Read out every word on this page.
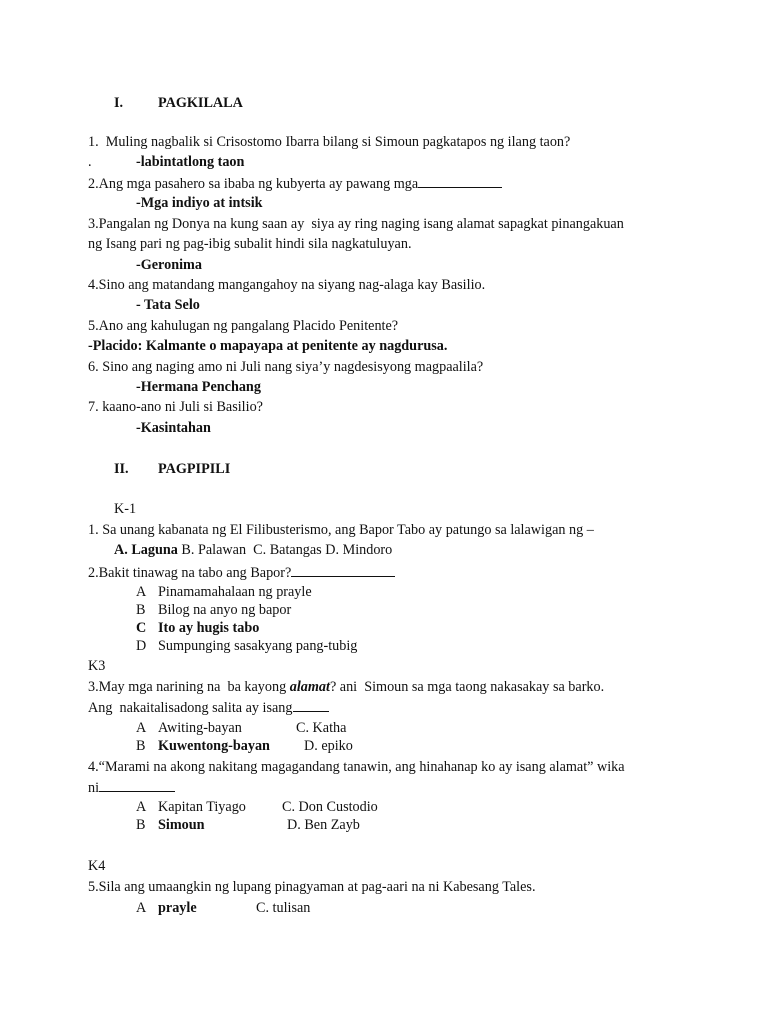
I. PAGKILALA
1.  Muling nagbalik si Crisostomo Ibarra bilang si Simoun pagkatapos ng ilang taon?
.	-labintatlong taon
2.Ang mga pasahero sa ibaba ng kubyerta ay pawang mga
-Mga indiyo at intsik
3.Pangalan ng Donya na kung saan ay  siya ay ring naging isang alamat sapagkat pinangakuan
ng Isang pari ng pag-ibig subalit hindi sila nagkatuluyan.
-Geronima
4.Sino ang matandang mangangahoy na siyang nag-alaga kay Basilio.
- Tata Selo
5.Ano ang kahulugan ng pangalang Placido Penitente?
-Placido: Kalmante o mapayapa at penitente ay nagdurusa.
6. Sino ang naging amo ni Juli nang siya’y nagdesisyong magpaalila?
-Hermana Penchang
7. kaano-ano ni Juli si Basilio?
-Kasintahan
II. PAGPIPILI
K-1
1. Sa unang kabanata ng El Filibusterismo, ang Bapor Tabo ay patungo sa lalawigan ng –
A. Laguna B. Palawan  C. Batangas D. Mindoro
2.Bakit tinawag na tabo ang Bapor?
A Pinamamahalaan ng prayle
B Bilog na anyo ng bapor
C Ito ay hugis tabo
D Sumpunging sasakyang pang-tubig
K3
3.May mga narining na  ba kayong alamat? ani  Simoun sa mga taong nakasakay sa barko.
Ang  nakaitalisadong salita ay isang
A Awiting-bayan	C. Katha
B Kuwentong-bayan D. epiko
4.“Marami na akong nakitang magagandang tanawin, ang hinahanap ko ay isang alamat” wika
ni
A Kapitan Tiyago	C. Don Custodio
B Simoun	D. Ben Zayb
K4
5.Sila ang umaangkin ng lupang pinagyaman at pag-aari na ni Kabesang Tales.
A prayle	C. tulisan
